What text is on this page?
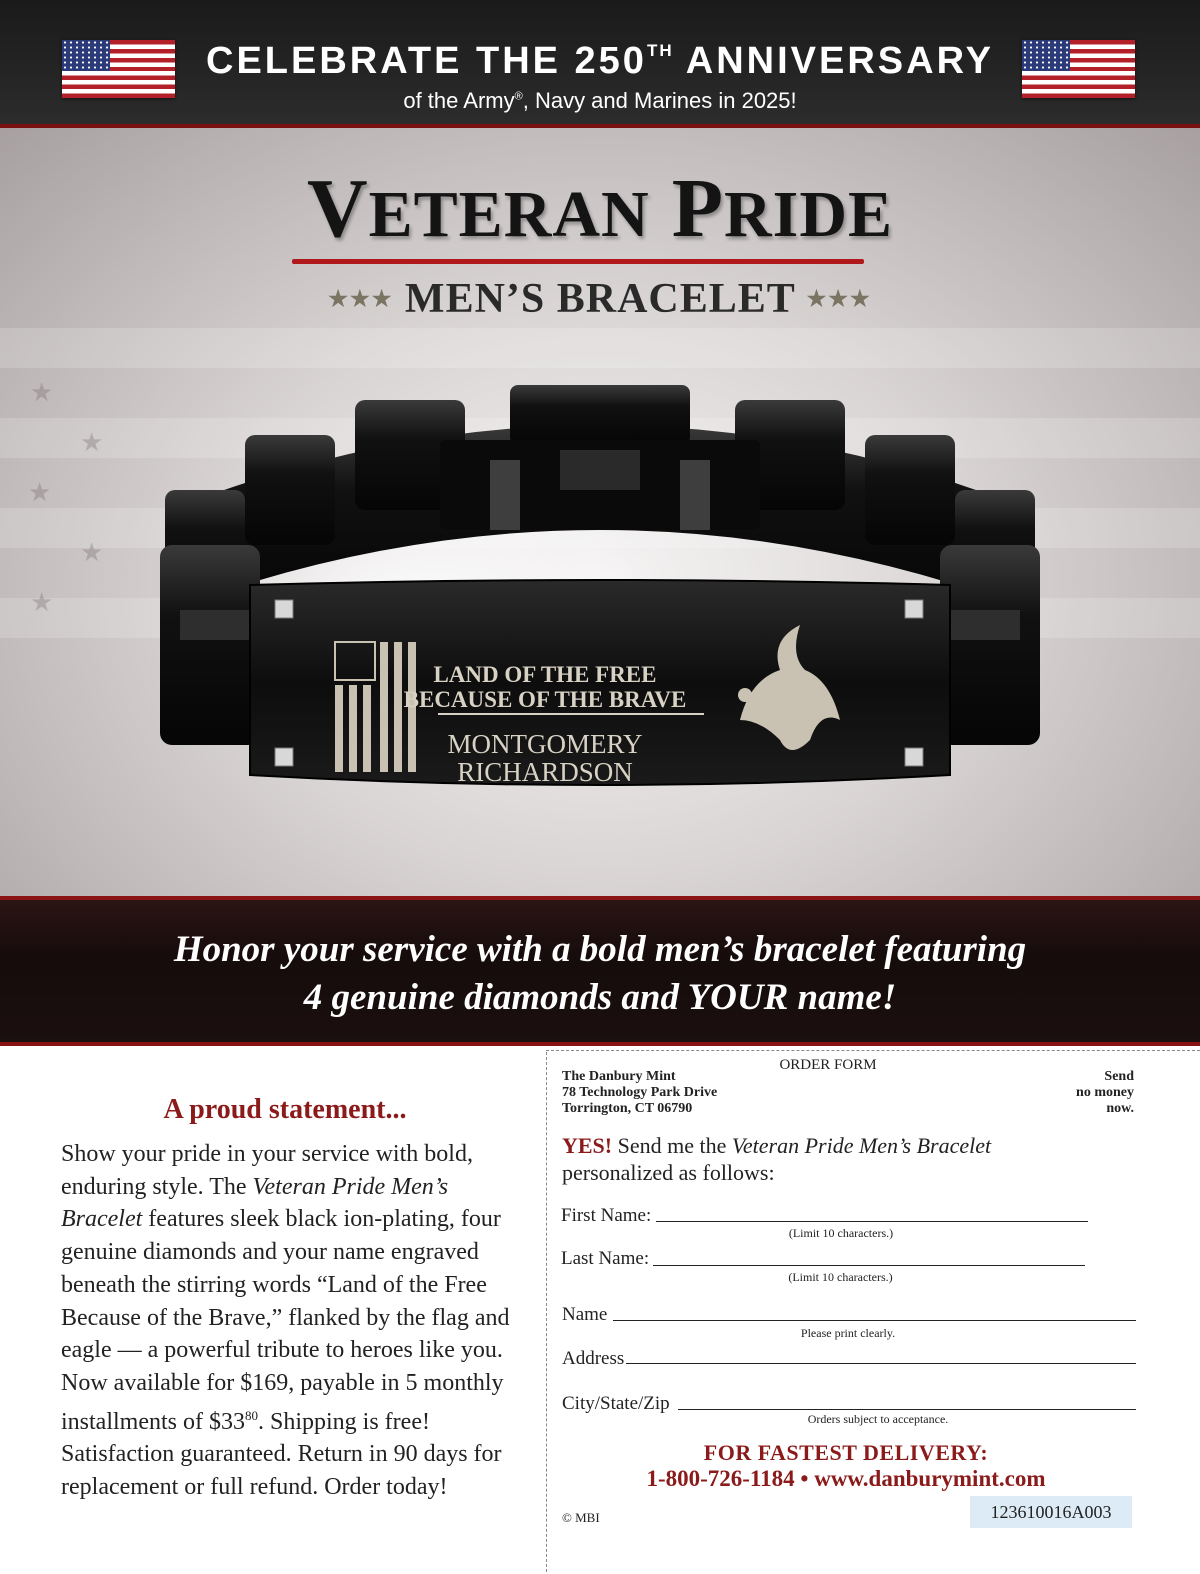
CELEBRATE THE 250TH ANNIVERSARY
of the Army®, Navy and Marines in 2025!
★
★
★
★
★
VETERAN PRIDE
★★★ MEN’S BRACELET ★★★
LAND OF THE FREE
BECAUSE OF THE BRAVE
MONTGOMERY
RICHARDSON
Honor your service with a bold men’s bracelet featuring
4 genuine diamonds and YOUR name!
A proud statement...
Show your pride in your service with bold, enduring style. The Veteran Pride Men’s Bracelet features sleek black ion-plating, four genuine diamonds and your name engraved beneath the stirring words “Land of the Free Because of the Brave,” flanked by the flag and eagle — a powerful tribute to heroes like you. Now available for $169, payable in 5 monthly installments of $\$33^{80}$. Shipping is free! Satisfaction guaranteed. Return in 90 days for replacement or full refund. Order today!
ORDER FORM
The Danbury Mint
78 Technology Park Drive
Torrington, CT 06790
Send
no money
now.
YES! Send me the Veteran Pride Men’s Bracelet
personalized as follows:
First Name:
(Limit 10 characters.)
Last Name:
(Limit 10 characters.)
Name
Please print clearly.
Address
City/State/Zip
Orders subject to acceptance.
FOR FASTEST DELIVERY:
1-800-726-1184 • www.danburymint.com
© MBI	123610016A003
